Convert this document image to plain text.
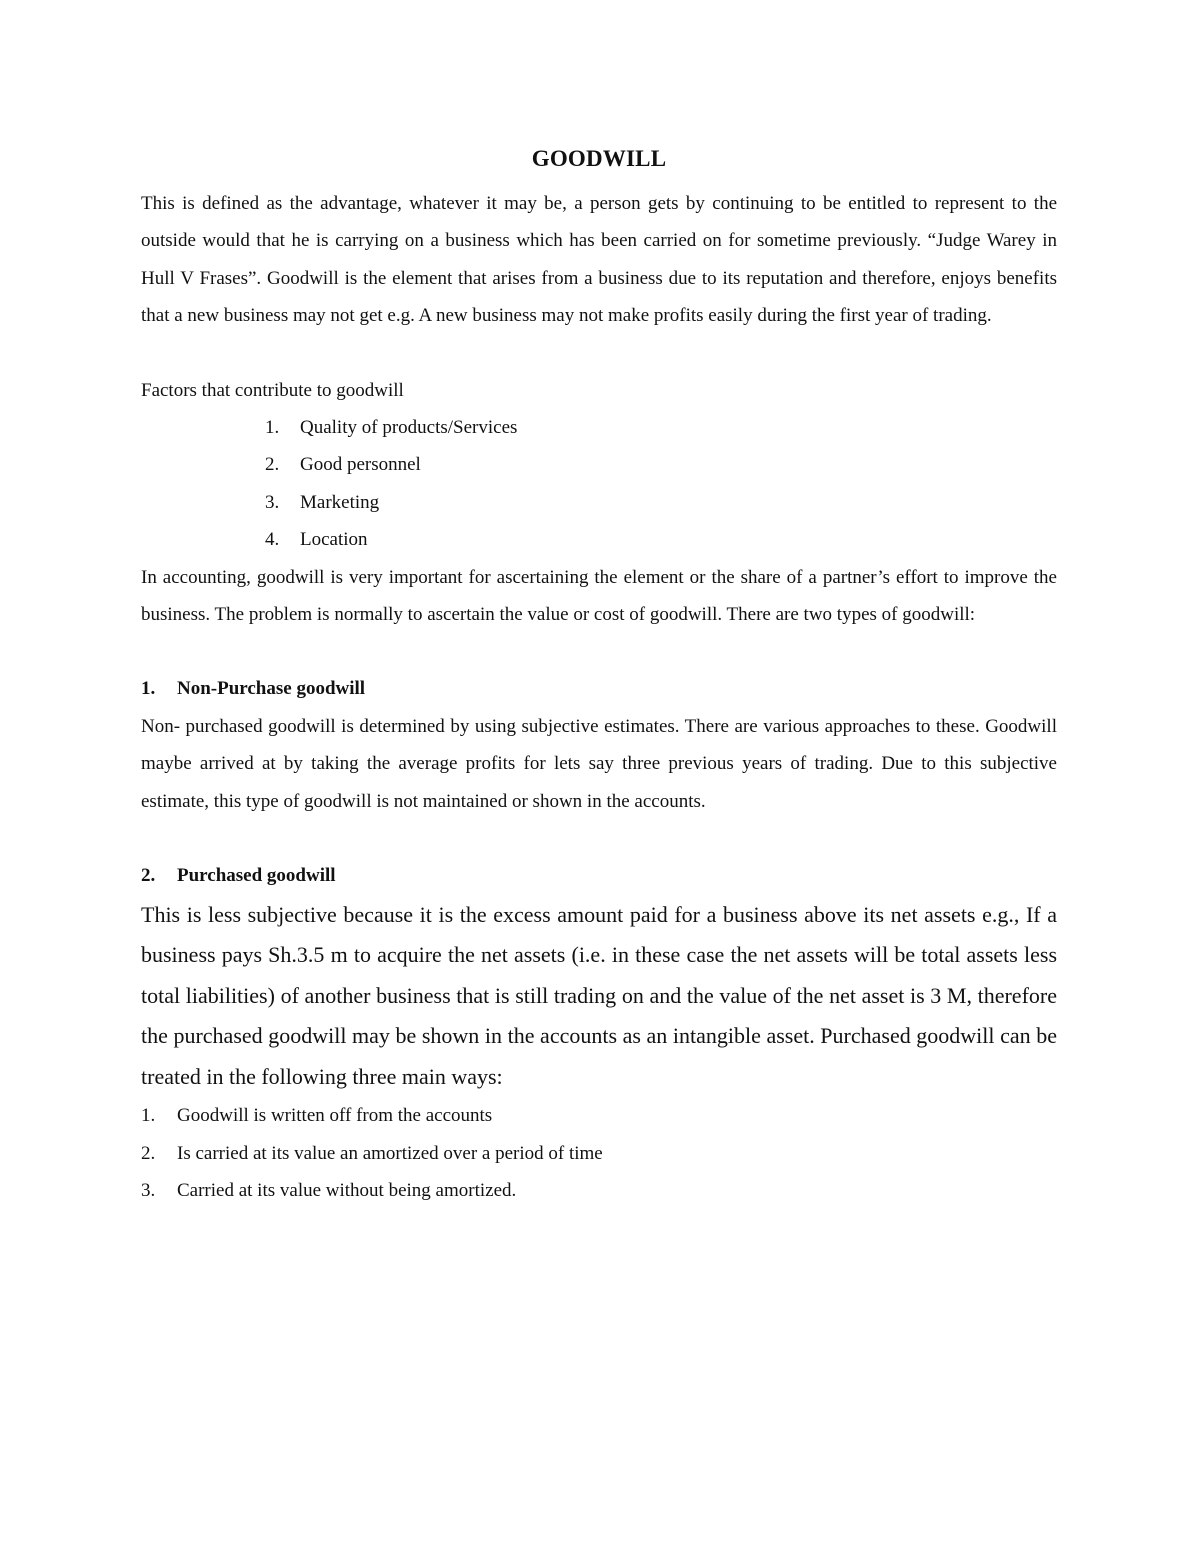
GOODWILL

This is defined as the advantage, whatever it may be, a person gets by continuing to be entitled to represent to the outside would that he is carrying on a business which has been carried on for sometime previously. “Judge Warey in Hull V Frases”. Goodwill is the element that arises from a business due to its reputation and therefore, enjoys benefits that a new business may not get e.g. A new business may not make profits easily during the first year of trading.

Factors that contribute to goodwill

1. Quality of products/Services
2. Good personnel
3. Marketing
4. Location

In accounting, goodwill is very important for ascertaining the element or the share of a partner’s effort to improve the business. The problem is normally to ascertain the value or cost of goodwill. There are two types of goodwill:

1. Non-Purchase goodwill

Non- purchased goodwill is determined by using subjective estimates. There are various approaches to these. Goodwill maybe arrived at by taking the average profits for lets say three previous years of trading. Due to this subjective estimate, this type of goodwill is not maintained or shown in the accounts.

2. Purchased goodwill

This is less subjective because it is the excess amount paid for a business above its net assets e.g., If a business pays Sh.3.5 m to acquire the net assets (i.e. in these case the net assets will be total assets less total liabilities) of another business that is still trading on and the value of the net asset is 3 M, therefore the purchased goodwill may be shown in the accounts as an intangible asset. Purchased goodwill can be treated in the following three main ways:

1. Goodwill is written off from the accounts
2. Is carried at its value an amortized over a period of time
3. Carried at its value without being amortized.
